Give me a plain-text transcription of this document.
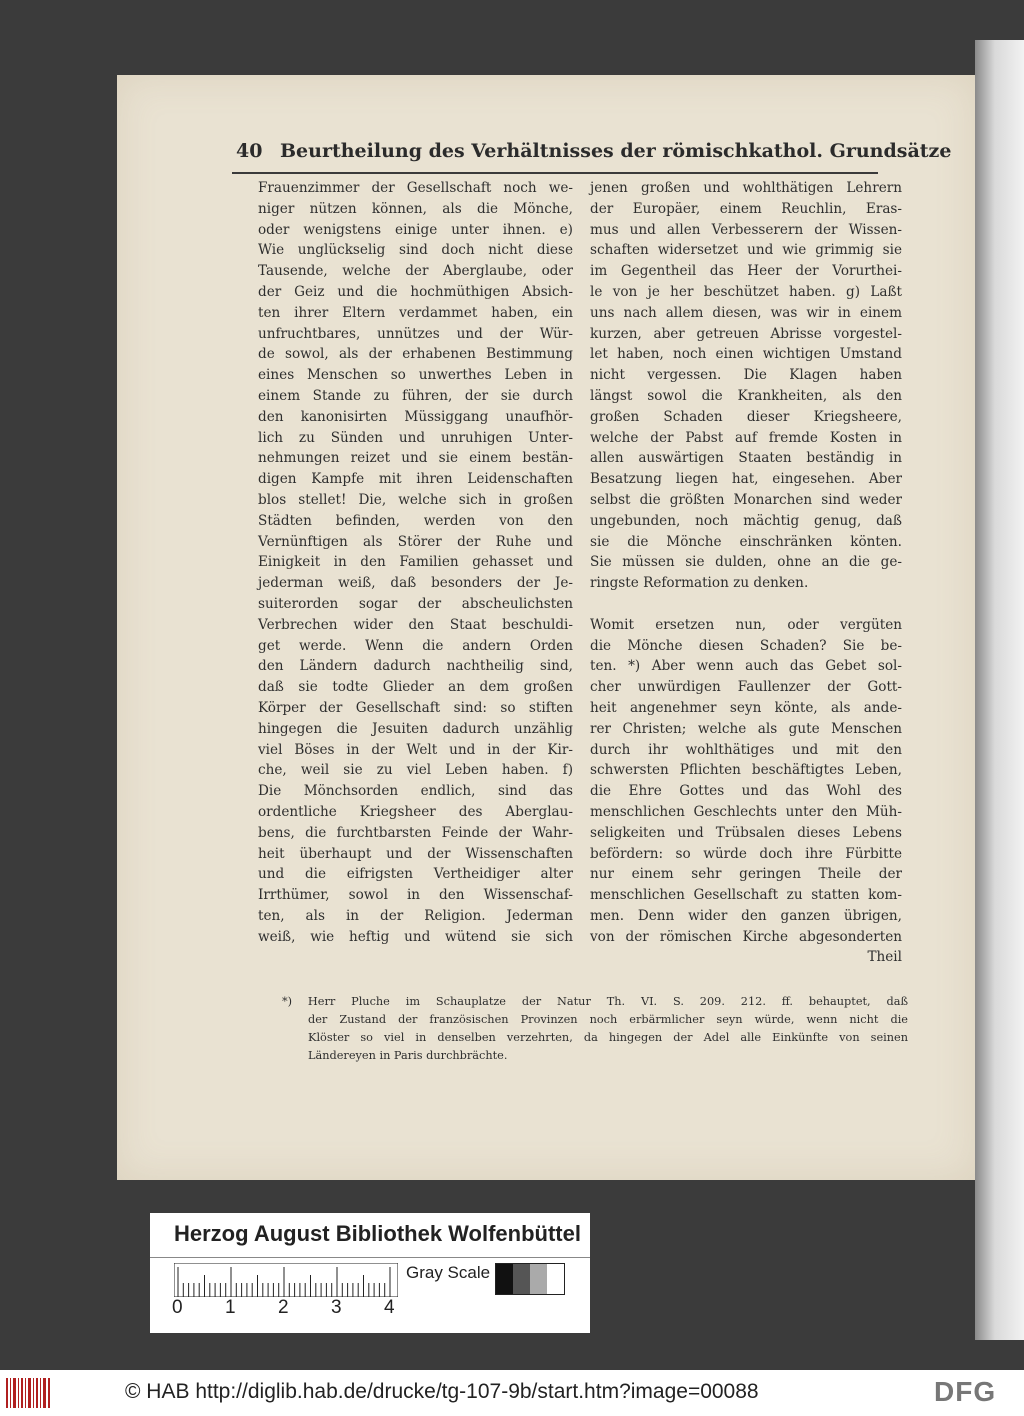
40 Beurtheilung des Verhältnisses der römischkathol. Grundsätze
Frauenzimmer der Gesellschaft noch we-
niger nützen können, als die Mönche,
oder wenigstens einige unter ihnen. e)
Wie unglückselig sind doch nicht diese
Tausende, welche der Aberglaube, oder
der Geiz und die hochmüthigen Absich-
ten ihrer Eltern verdammet haben, ein
unfruchtbares, unnützes und der Wür-
de sowol, als der erhabenen Bestimmung
eines Menschen so unwerthes Leben in
einem Stande zu führen, der sie durch
den kanonisirten Müssiggang unaufhör-
lich zu Sünden und unruhigen Unter-
nehmungen reizet und sie einem bestän-
digen Kampfe mit ihren Leidenschaften
blos stellet! Die, welche sich in großen
Städten befinden, werden von den
Vernünftigen als Störer der Ruhe und
Einigkeit in den Familien gehasset und
jederman weiß, daß besonders der Je-
suiterorden sogar der abscheulichsten
Verbrechen wider den Staat beschuldi-
get werde. Wenn die andern Orden
den Ländern dadurch nachtheilig sind,
daß sie todte Glieder an dem großen
Körper der Gesellschaft sind: so stiften
hingegen die Jesuiten dadurch unzählig
viel Böses in der Welt und in der Kir-
che, weil sie zu viel Leben haben. f)
Die Mönchsorden endlich, sind das
ordentliche Kriegsheer des Aberglau-
bens, die furchtbarsten Feinde der Wahr-
heit überhaupt und der Wissenschaften
und die eifrigsten Vertheidiger alter
Irrthümer, sowol in den Wissenschaf-
ten, als in der Religion. Jederman
weiß, wie heftig und wütend sie sich
jenen großen und wohlthätigen Lehrern
der Europäer, einem Reuchlin, Eras-
mus und allen Verbesserern der Wissen-
schaften widersetzet und wie grimmig sie
im Gegentheil das Heer der Vorurthei-
le von je her beschützet haben. g) Laßt
uns nach allem diesen, was wir in einem
kurzen, aber getreuen Abrisse vorgestel-
let haben, noch einen wichtigen Umstand
nicht vergessen. Die Klagen haben
längst sowol die Krankheiten, als den
großen Schaden dieser Kriegsheere,
welche der Pabst auf fremde Kosten in
allen auswärtigen Staaten beständig in
Besatzung liegen hat, eingesehen. Aber
selbst die größten Monarchen sind weder
ungebunden, noch mächtig genug, daß
sie die Mönche einschränken könten.
Sie müssen sie dulden, ohne an die ge-
ringste Reformation zu denken.
Womit ersetzen nun, oder vergüten
die Mönche diesen Schaden? Sie be-
ten. *) Aber wenn auch das Gebet sol-
cher unwürdigen Faullenzer der Gott-
heit angenehmer seyn könte, als ande-
rer Christen; welche als gute Menschen
durch ihr wohlthätiges und mit den
schwersten Pflichten beschäftigtes Leben,
die Ehre Gottes und das Wohl des
menschlichen Geschlechts unter den Müh-
seligkeiten und Trübsalen dieses Lebens
befördern: so würde doch ihre Fürbitte
nur einem sehr geringen Theile der
menschlichen Gesellschaft zu statten kom-
men. Denn wider den ganzen übrigen,
von der römischen Kirche abgesonderten
Theil
*) Herr Pluche im Schauplatze der Natur Th. VI. S. 209. 212. ff. behauptet, daß
der Zustand der französischen Provinzen noch erbärmlicher seyn würde, wenn nicht die
Klöster so viel in denselben verzehrten, da hingegen der Adel alle Einkünfte von seinen
Ländereyen in Paris durchbrächte.
Herzog August Bibliothek Wolfenbüttel
0 1 2 3 4
Gray Scale
© HAB http://diglib.hab.de/drucke/tg-107-9b/start.htm?image=00088	DFG
